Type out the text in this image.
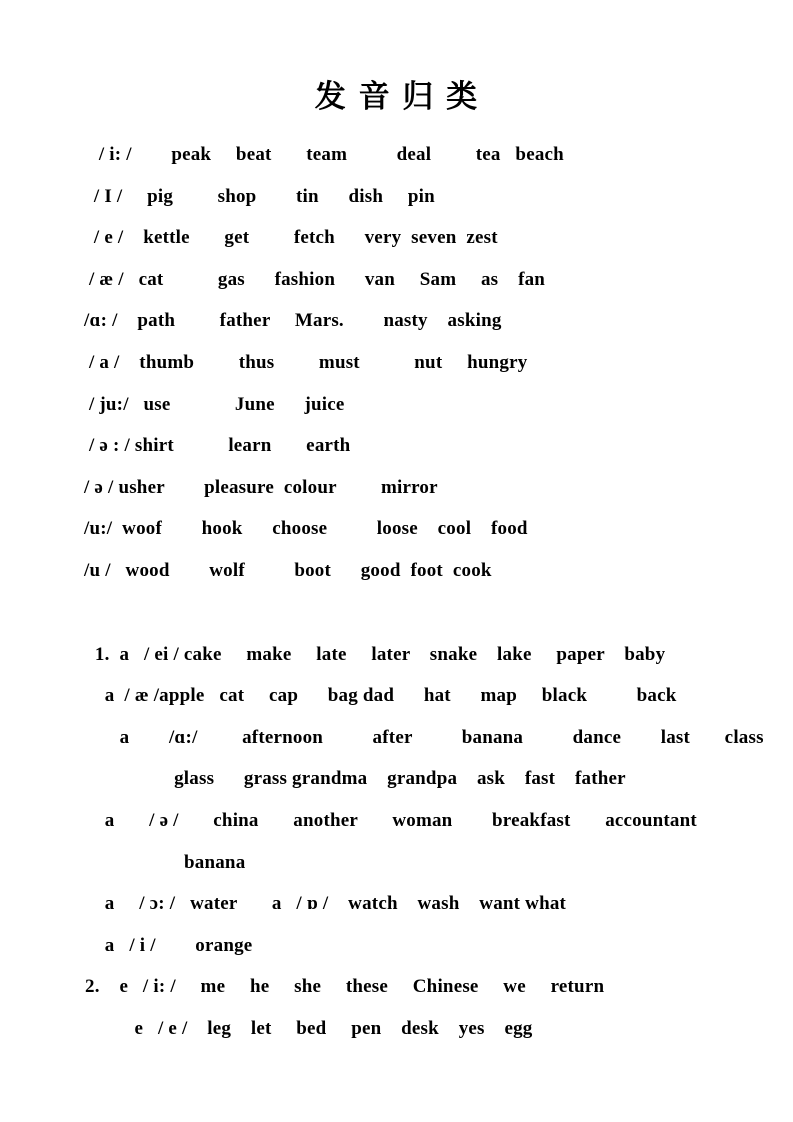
发 音 归 类
/ i: /        peak     beat       team          deal         tea   beach
/ I /     pig         shop        tin      dish     pin
/ e /    kettle       get         fetch      very  seven  zest
/ æ /   cat           gas      fashion      van     Sam     as    fan
/ɑ: /    path         father     Mars.        nasty    asking
/ a /    thumb         thus         must           nut     hungry
/ ju:/   use             June      juice
/ ə : / shirt           learn       earth
/ ə / usher        pleasure  colour         mirror
/u:/  woof        hook      choose          loose    cool    food
/u /   wood        wolf          boot      good  foot  cook
1.  a   / ei / cake     make     late     later    snake    lake     paper    baby
a  / æ /apple   cat     cap      bag dad      hat      map     black          back
a        /ɑ:/         afternoon          after          banana          dance        last       class
glass      grass grandma    grandpa    ask    fast    father
a       / ə /       china       another       woman        breakfast       accountant
banana
a     / ɔ: /   water       a   / ɒ /    watch    wash    want what
a   / i /        orange
2.    e   / i: /     me     he     she     these     Chinese     we     return
e   / e /    leg    let     bed     pen    desk    yes    egg
